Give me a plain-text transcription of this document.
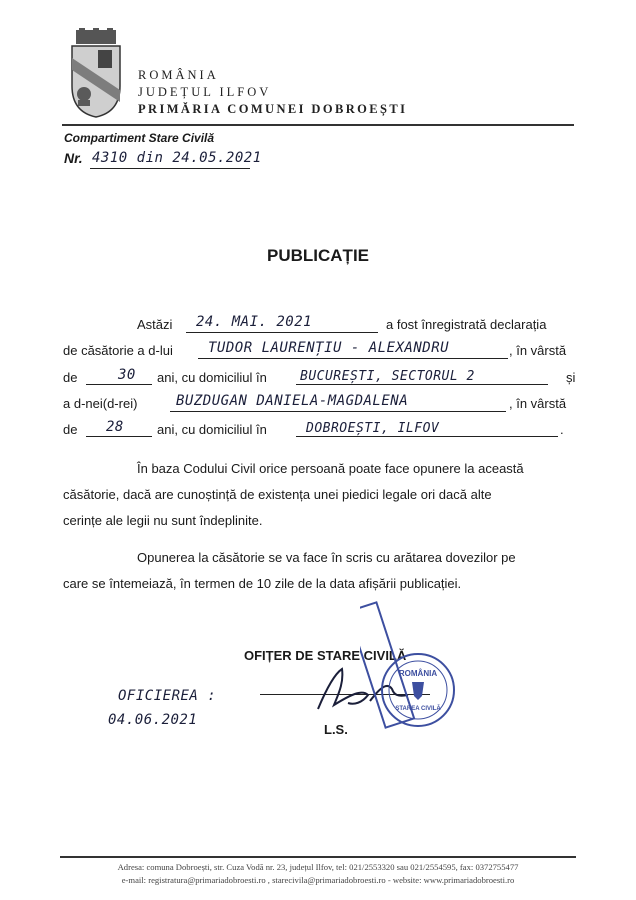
ROMÂNIA
JUDEȚUL ILFOV
PRIMĂRIA COMUNEI DOBROEȘTI
Compartiment Stare Civilă
Nr. 4310 din 24.05.2021
PUBLICAȚIE
Astăzi 24. MAI. 2021	a fost înregistrată declarația
de căsătorie a d-lui	TUDOR LAURENȚIU - ALEXANDRU	, în vârstă
de	30 ani, cu domiciliul în	BUCUREȘTI, SECTORUL 2	și
a d-nei(d-rei)	BUZDUGAN DANIELA-MAGDALENA	, în vârstă
de 28	ani, cu domiciliul în	DOBROEȘTI, ILFOV	.
În baza Codului Civil orice persoană poate face opunere la această
căsătorie, dacă are cunoștință de existența unei piedici legale ori dacă alte
cerințe ale legii nu sunt îndeplinite.
Opunerea la căsătorie se va face în scris cu arătarea dovezilor pe
care se întemeiază, în termen de 10 zile de la data afișării publicației.
OFIȚER DE STARE CIVILĂ
ROMÂNIA
STAREA CIVILĂ
L.S.
OFICIEREA :
04.06.2021
Adresa: comuna Dobroești, str. Cuza Vodă nr. 23, județul Ilfov, tel: 021/2553320 sau 021/2554595, fax: 0372755477
e-mail: registratura@primariadobroesti.ro , starecivila@primariadobroesti.ro - website: www.primariadobroesti.ro
